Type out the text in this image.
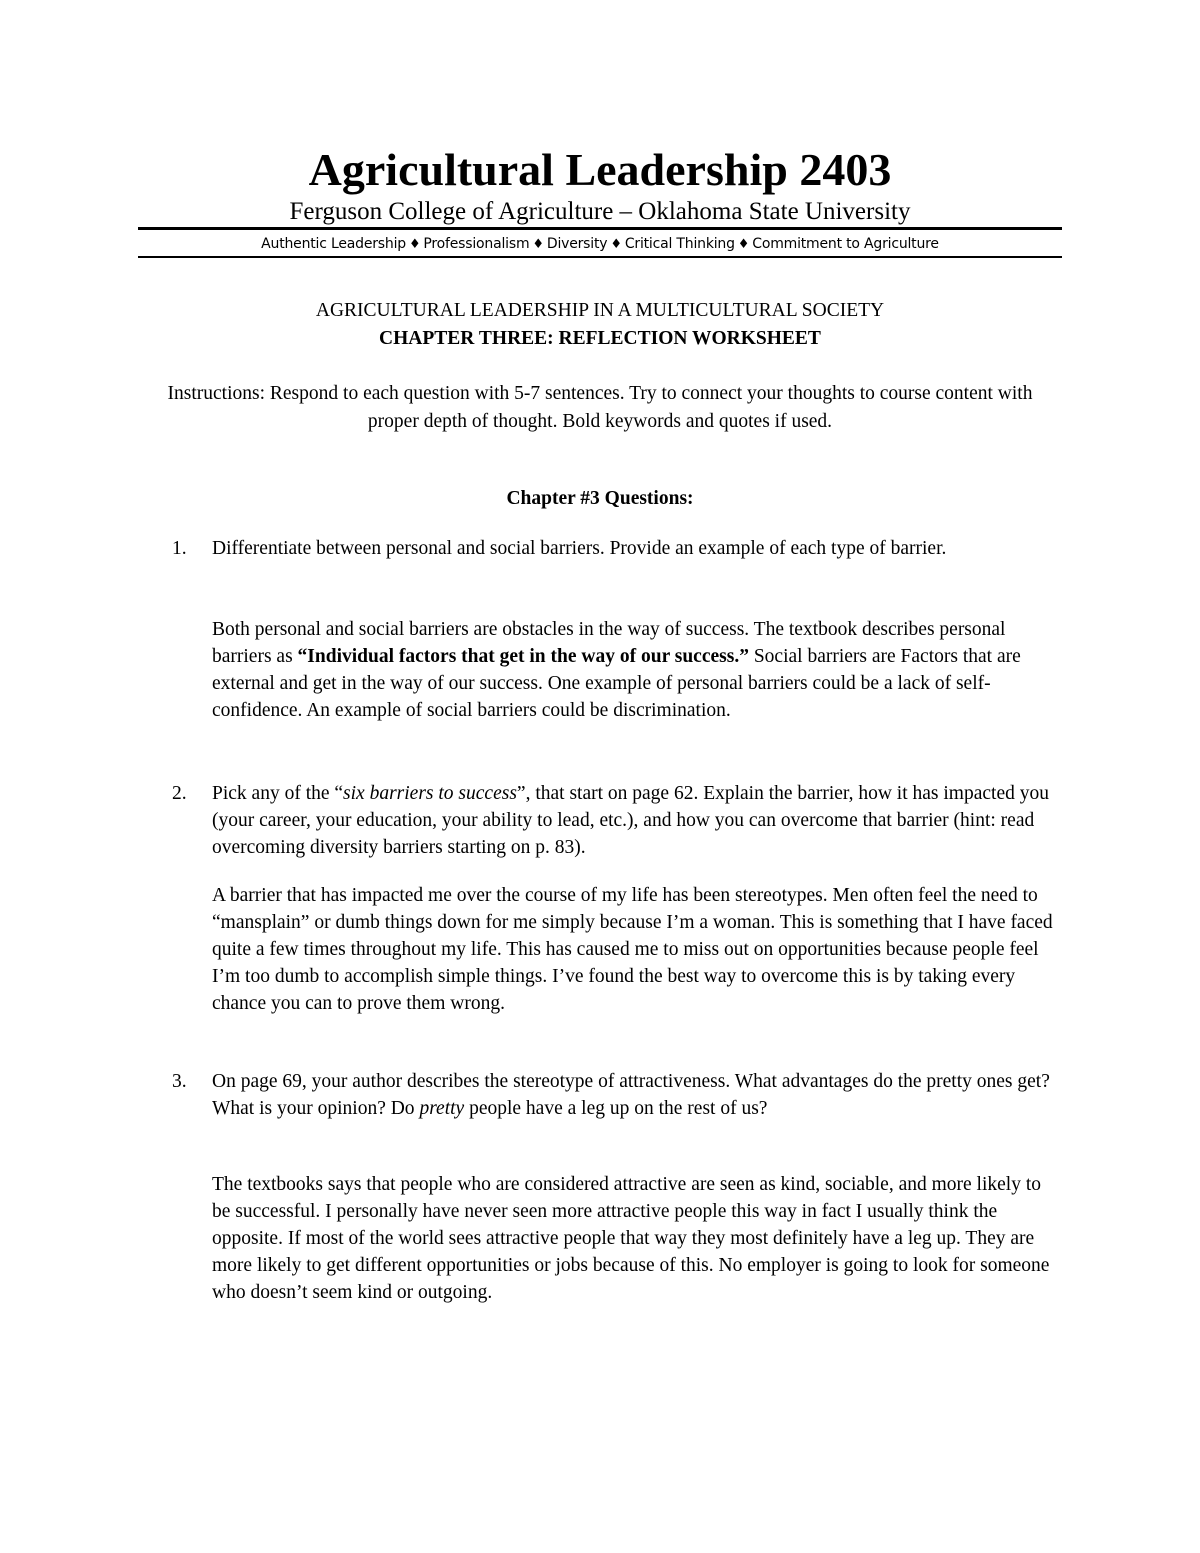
Agricultural Leadership 2403
Ferguson College of Agriculture – Oklahoma State University
Authentic Leadership ♦ Professionalism ♦ Diversity ♦ Critical Thinking ♦ Commitment to Agriculture
AGRICULTURAL LEADERSHIP IN A MULTICULTURAL SOCIETY
CHAPTER THREE: REFLECTION WORKSHEET
Instructions: Respond to each question with 5-7 sentences. Try to connect your thoughts to course content with proper depth of thought. Bold keywords and quotes if used.
Chapter #3 Questions:
1. Differentiate between personal and social barriers. Provide an example of each type of barrier.
Both personal and social barriers are obstacles in the way of success. The textbook describes personal barriers as “Individual factors that get in the way of our success.” Social barriers are Factors that are external and get in the way of our success. One example of personal barriers could be a lack of self-confidence. An example of social barriers could be discrimination.
2. Pick any of the “six barriers to success”, that start on page 62. Explain the barrier, how it has impacted you (your career, your education, your ability to lead, etc.), and how you can overcome that barrier (hint: read overcoming diversity barriers starting on p. 83).
A barrier that has impacted me over the course of my life has been stereotypes. Men often feel the need to “mansplain” or dumb things down for me simply because I’m a woman. This is something that I have faced quite a few times throughout my life. This has caused me to miss out on opportunities because people feel I’m too dumb to accomplish simple things. I’ve found the best way to overcome this is by taking every chance you can to prove them wrong.
3. On page 69, your author describes the stereotype of attractiveness. What advantages do the pretty ones get? What is your opinion? Do pretty people have a leg up on the rest of us?
The textbooks says that people who are considered attractive are seen as kind, sociable, and more likely to be successful. I personally have never seen more attractive people this way in fact I usually think the opposite. If most of the world sees attractive people that way they most definitely have a leg up. They are more likely to get different opportunities or jobs because of this. No employer is going to look for someone who doesn’t seem kind or outgoing.
